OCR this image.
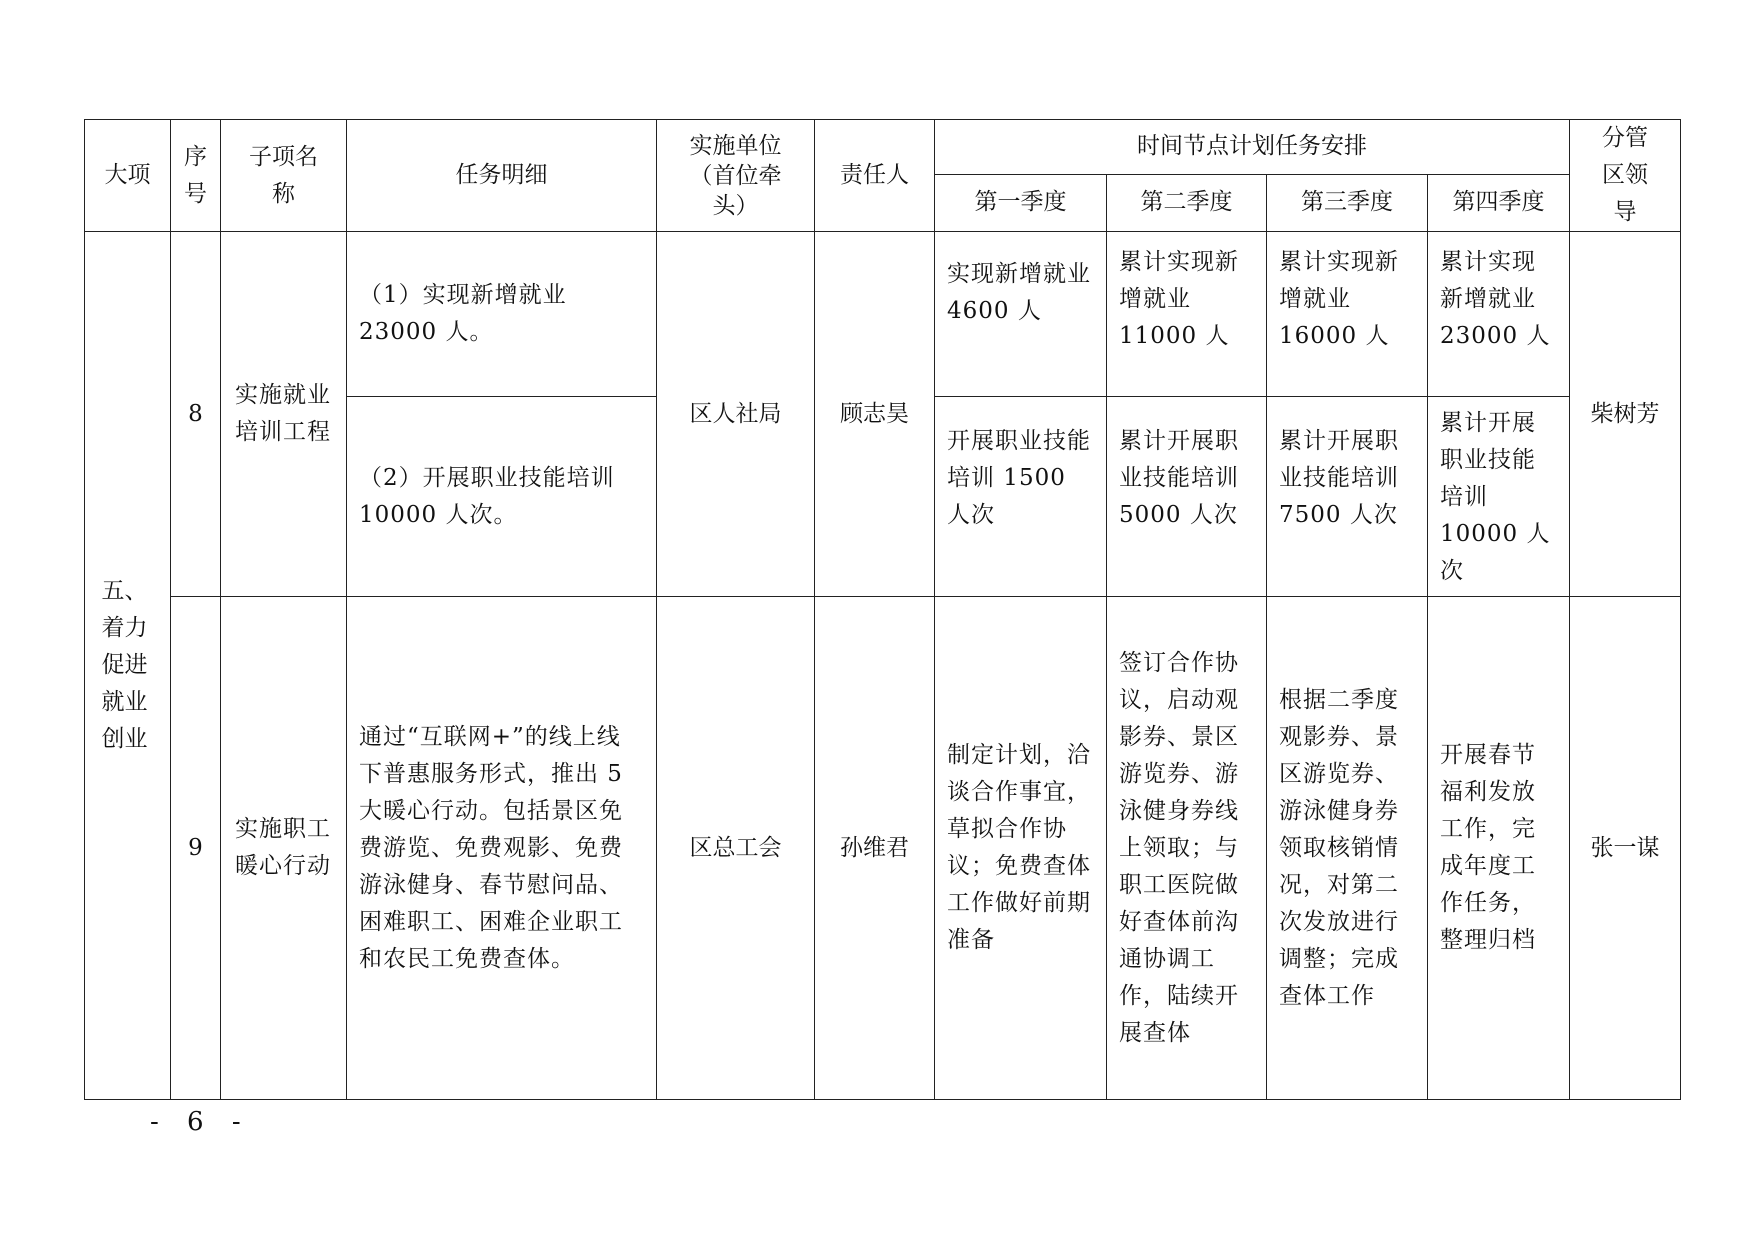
大项	序号	子项名称	任务明细	实施单位（首位牵头）	责任人	时间节点计划任务安排				分管区领导
						第一季度	第二季度	第三季度	第四季度	
五、着力促进就业创业	8	实施就业培训工程	（1）实现新增就业 23000 人。	区人社局	顾志昊	实现新增就业 4600 人	累计实现新增就业 11000 人	累计实现新增就业 16000 人	累计实现新增就业 23000 人	柴树芳
			（2）开展职业技能培训 10000 人次。			开展职业技能培训 1500 人次	累计开展职业技能培训 5000 人次	累计开展职业技能培训 7500 人次	累计开展职业技能培训 10000 人次	
	9	实施职工暖心行动	通过“互联网+”的线上线下普惠服务形式，推出 5 大暖心行动。包括景区免费游览、免费观影、免费游泳健身、春节慰问品、困难职工、困难企业职工和农民工免费查体。	区总工会	孙维君	制定计划，洽谈合作事宜，草拟合作协议；免费查体工作做好前期准备	签订合作协议，启动观影券、景区游览券、游泳健身券线上领取；与职工医院做好查体前沟通协调工作，陆续开展查体	根据二季度观影券、景区游览券、游泳健身券领取核销情况，对第二次发放进行调整；完成查体工作	开展春节福利发放工作，完成年度工作任务，整理归档	张一谋
- 6 -
